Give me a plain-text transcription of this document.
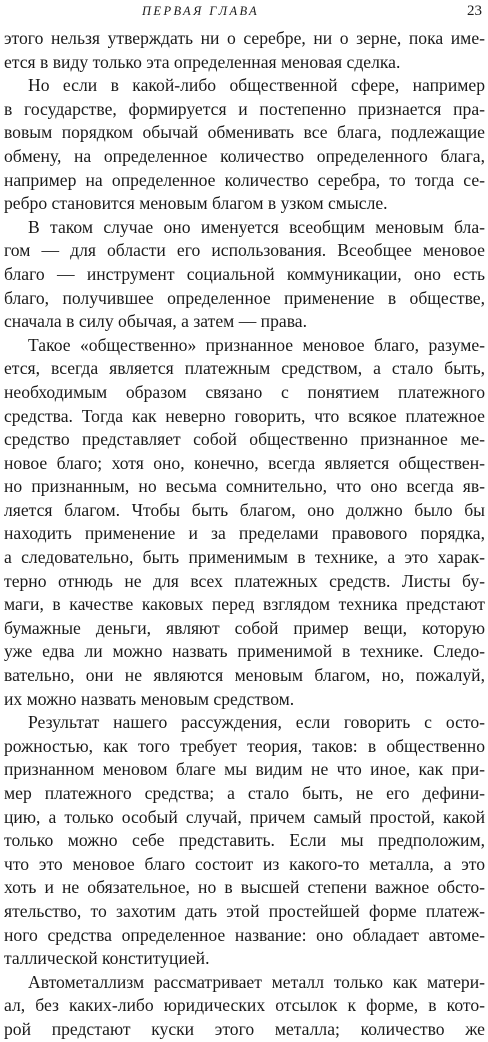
ПЕРВАЯ ГЛАВА	23
этого нельзя утверждать ни о серебре, ни о зерне, пока име-
ется в виду только эта определенная меновая сделка.
Но если в какой-либо общественной сфере, например
в государстве, формируется и постепенно признается пра-
вовым порядком обычай обменивать все блага, подлежащие
обмену, на определенное количество определенного блага,
например на определенное количество серебра, то тогда се-
ребро становится меновым благом в узком смысле.
В таком случае оно именуется всеобщим меновым бла-
гом — для области его использования. Всеобщее меновое
благо — инструмент социальной коммуникации, оно есть
благо, получившее определенное применение в обществе,
сначала в силу обычая, а затем — права.
Такое «общественно» признанное меновое благо, разуме-
ется, всегда является платежным средством, а стало быть,
необходимым образом связано с понятием платежного
средства. Тогда как неверно говорить, что всякое платежное
средство представляет собой общественно признанное ме-
новое благо; хотя оно, конечно, всегда является обществен-
но признанным, но весьма сомнительно, что оно всегда яв-
ляется благом. Чтобы быть благом, оно должно было бы
находить применение и за пределами правового порядка,
а следовательно, быть применимым в технике, а это харак-
терно отнюдь не для всех платежных средств. Листы бу-
маги, в качестве каковых перед взглядом техника предстают
бумажные деньги, являют собой пример вещи, которую
уже едва ли можно назвать применимой в технике. Следо-
вательно, они не являются меновым благом, но, пожалуй,
их можно назвать меновым средством.
Результат нашего рассуждения, если говорить с осто-
рожностью, как того требует теория, таков: в общественно
признанном меновом благе мы видим не что иное, как при-
мер платежного средства; а стало быть, не его дефини-
цию, а только особый случай, причем самый простой, какой
только можно себе представить. Если мы предположим,
что это меновое благо состоит из какого-то металла, а это
хоть и не обязательное, но в высшей степени важное обсто-
ятельство, то захотим дать этой простейшей форме платеж-
ного средства определенное название: оно обладает автоме-
таллической конституцией.
Автометаллизм рассматривает металл только как матери-
ал, без каких-либо юридических отсылок к форме, в кото-
рой предстают куски этого металла; количество же
